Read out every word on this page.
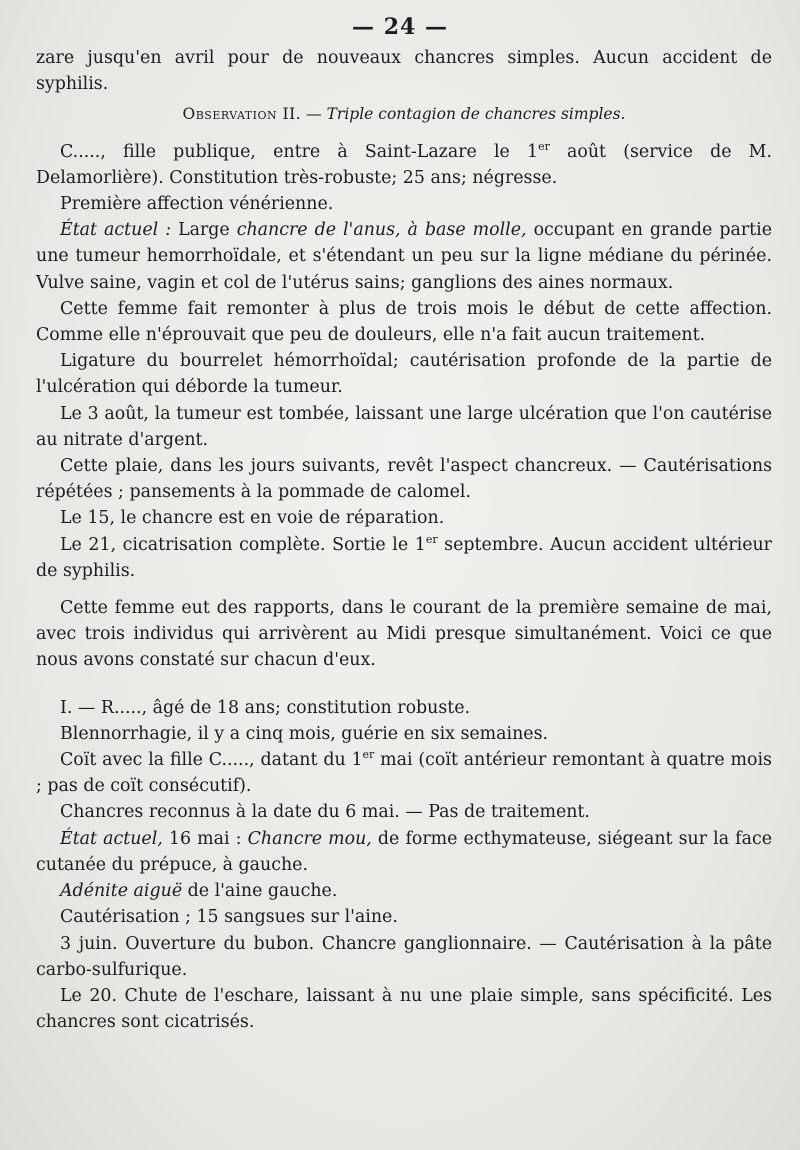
— 24 —

zare jusqu'en avril pour de nouveaux chancres simples. Aucun accident de syphilis.

Observation II. — Triple contagion de chancres simples.

C....., fille publique, entre à Saint-Lazare le 1er août (service de M. Delamorlière). Constitution très-robuste; 25 ans; négresse.

Première affection vénérienne.

État actuel : Large chancre de l'anus, à base molle, occupant en grande partie une tumeur hemorrhoïdale, et s'étendant un peu sur la ligne médiane du périnée. Vulve saine, vagin et col de l'utérus sains; ganglions des aines normaux.

Cette femme fait remonter à plus de trois mois le début de cette affection. Comme elle n'éprouvait que peu de douleurs, elle n'a fait aucun traitement.

Ligature du bourrelet hémorrhoïdal; cautérisation profonde de la partie de l'ulcération qui déborde la tumeur.

Le 3 août, la tumeur est tombée, laissant une large ulcération que l'on cautérise au nitrate d'argent.

Cette plaie, dans les jours suivants, revêt l'aspect chancreux. — Cautérisations répétées ; pansements à la pommade de calomel.

Le 15, le chancre est en voie de réparation.

Le 21, cicatrisation complète. Sortie le 1er septembre. Aucun accident ultérieur de syphilis.

Cette femme eut des rapports, dans le courant de la première semaine de mai, avec trois individus qui arrivèrent au Midi presque simultanément. Voici ce que nous avons constaté sur chacun d'eux.

I. — R....., âgé de 18 ans; constitution robuste.

Blennorrhagie, il y a cinq mois, guérie en six semaines.

Coït avec la fille C....., datant du 1er mai (coït antérieur remontant à quatre mois ; pas de coït consécutif).

Chancres reconnus à la date du 6 mai. — Pas de traitement.

État actuel, 16 mai : Chancre mou, de forme ecthymateuse, siégeant sur la face cutanée du prépuce, à gauche.

Adénite aiguë de l'aine gauche.

Cautérisation ; 15 sangsues sur l'aine.

3 juin. Ouverture du bubon. Chancre ganglionnaire. — Cautérisation à la pâte carbo-sulfurique.

Le 20. Chute de l'eschare, laissant à nu une plaie simple, sans spécificité. Les chancres sont cicatrisés.
